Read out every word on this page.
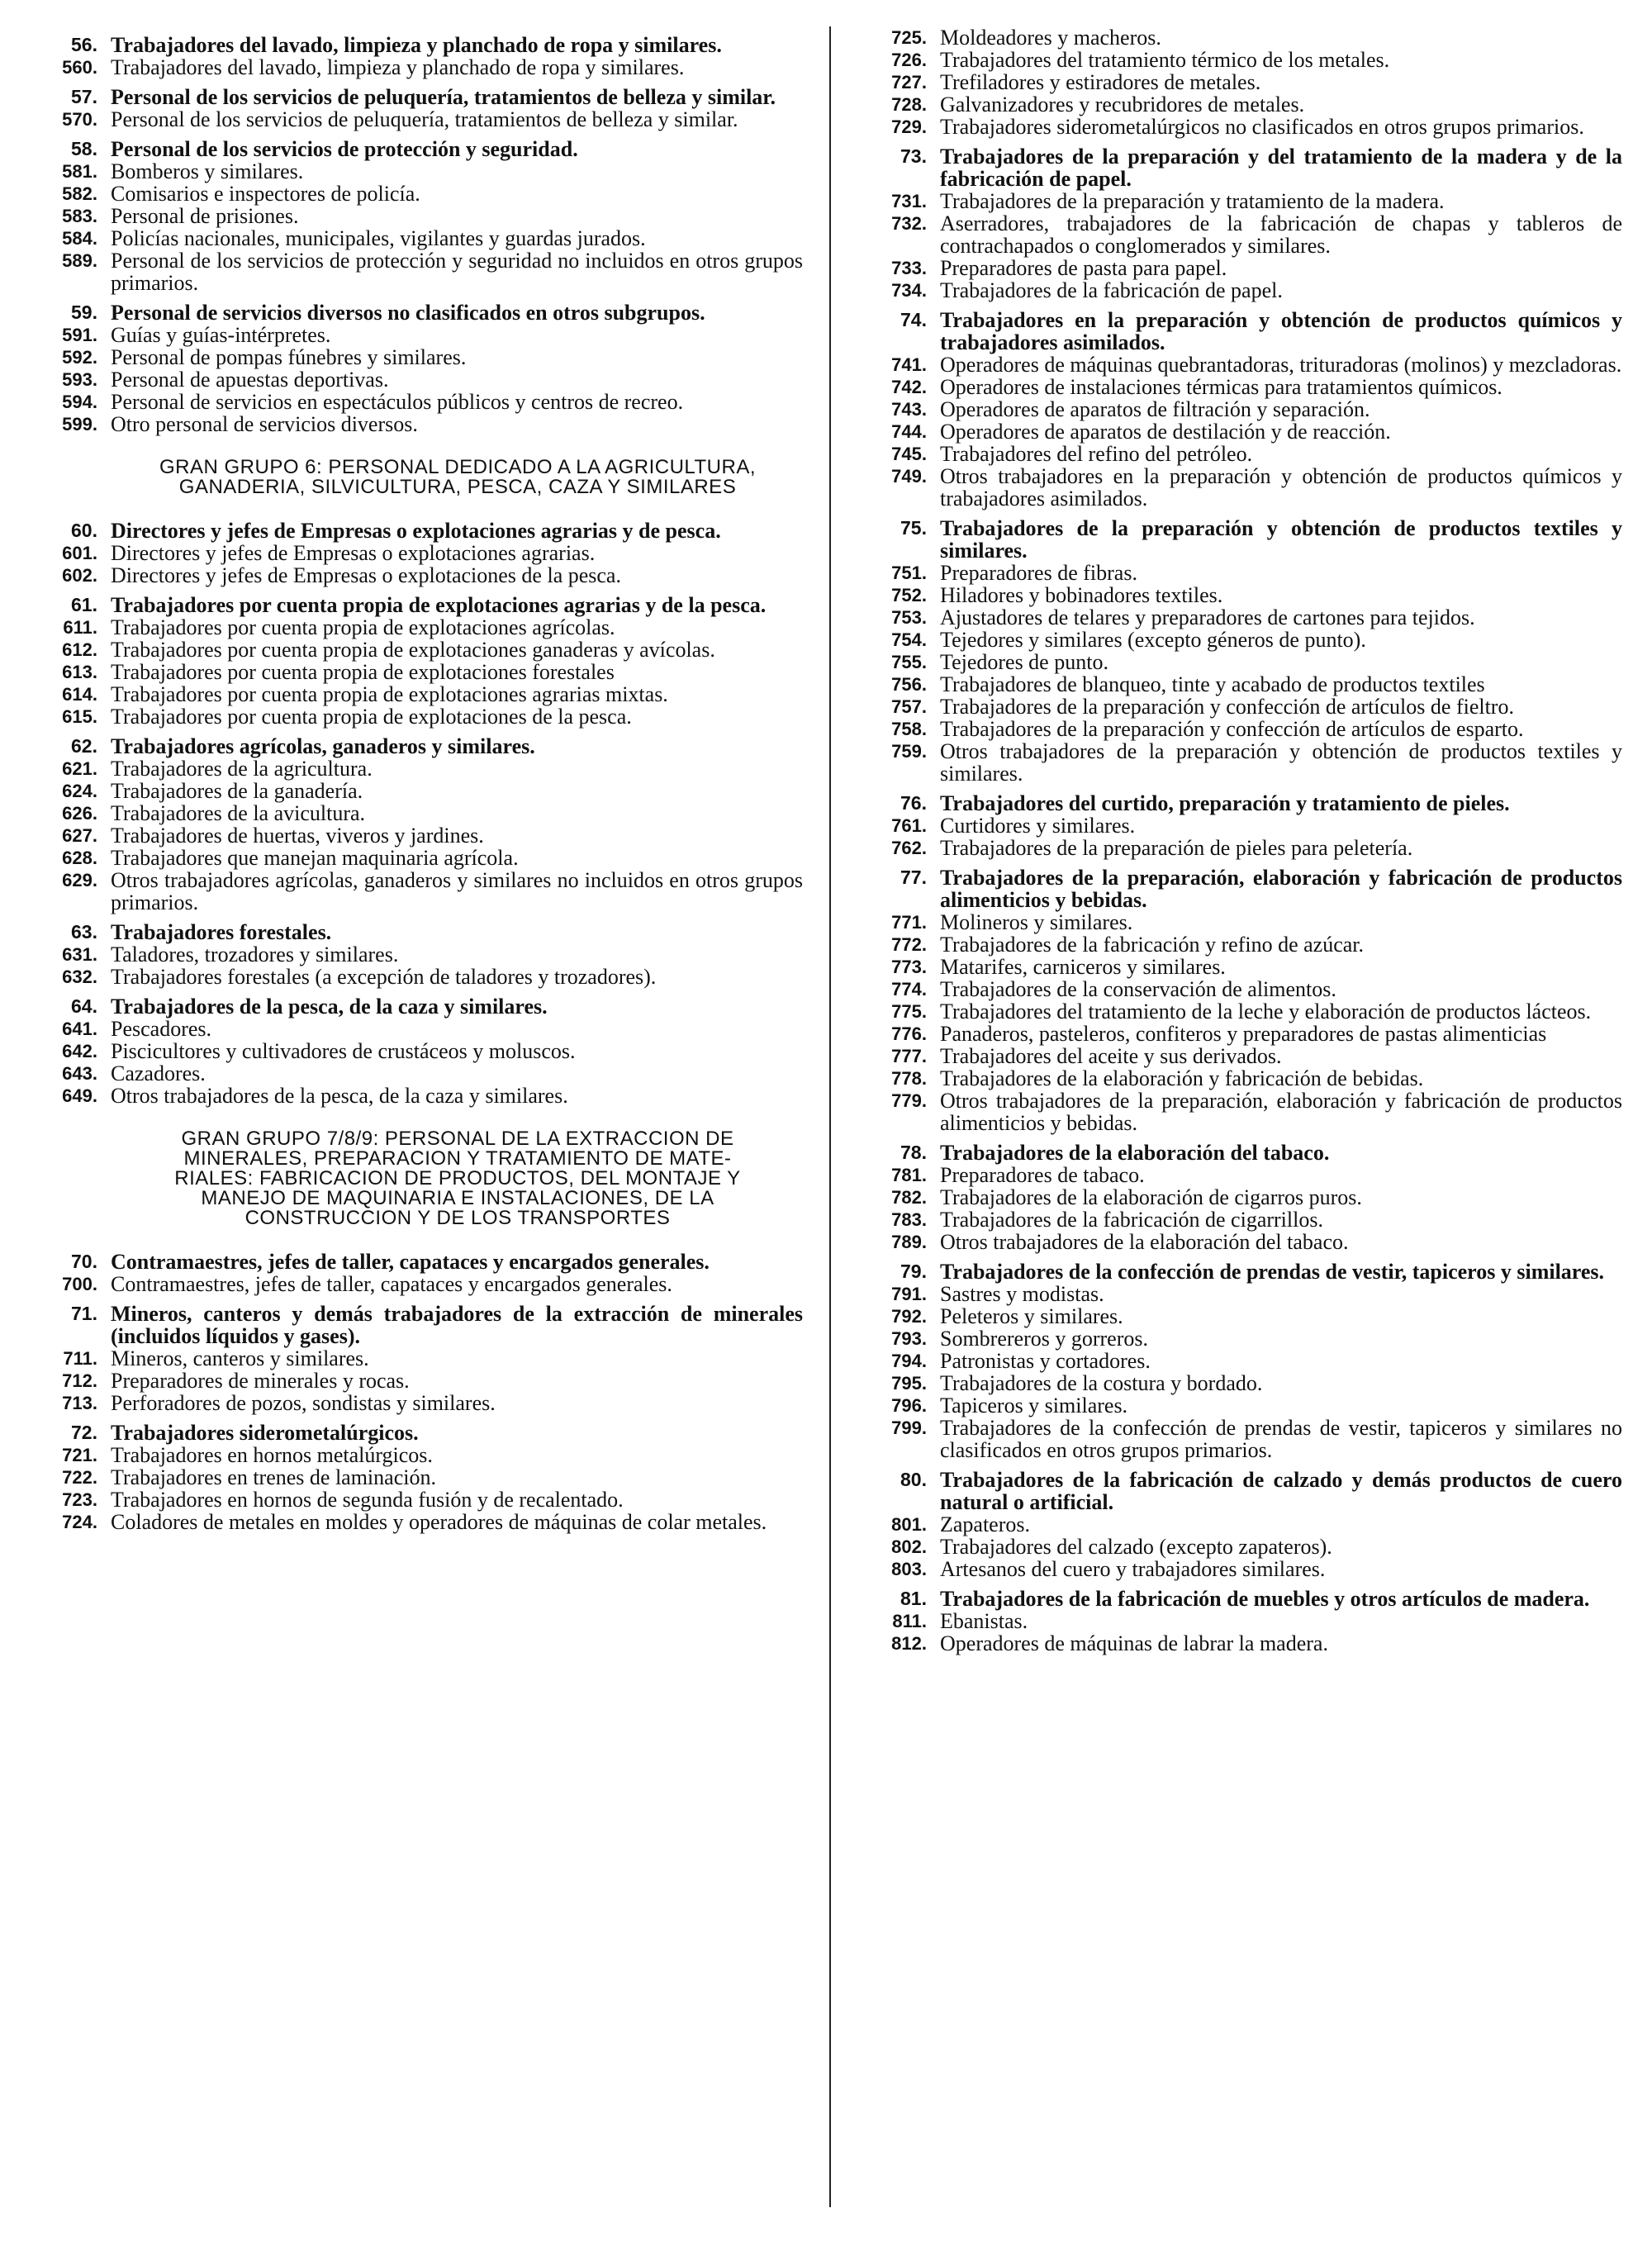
56. Trabajadores del lavado, limpieza y planchado de ropa y similares.
560. Trabajadores del lavado, limpieza y planchado de ropa y similares.
57. Personal de los servicios de peluquería, tratamientos de belleza y similar.
570. Personal de los servicios de peluquería, tratamientos de belleza y similar.
58. Personal de los servicios de protección y seguridad.
581. Bomberos y similares.
582. Comisarios e inspectores de policía.
583. Personal de prisiones.
584. Policías nacionales, municipales, vigilantes y guardas jurados.
589. Personal de los servicios de protección y seguridad no incluidos en otros grupos primarios.
59. Personal de servicios diversos no clasificados en otros subgrupos.
591. Guías y guías-intérpretes.
592. Personal de pompas fúnebres y similares.
593. Personal de apuestas deportivas.
594. Personal de servicios en espectáculos públicos y centros de recreo.
599. Otro personal de servicios diversos.
GRAN GRUPO 6: PERSONAL DEDICADO A LA AGRICULTURA,
GANADERIA, SILVICULTURA, PESCA, CAZA Y SIMILARES
60. Directores y jefes de Empresas o explotaciones agrarias y de pesca.
601. Directores y jefes de Empresas o explotaciones agrarias.
602. Directores y jefes de Empresas o explotaciones de la pesca.
61. Trabajadores por cuenta propia de explotaciones agrarias y de la pesca.
611. Trabajadores por cuenta propia de explotaciones agrícolas.
612. Trabajadores por cuenta propia de explotaciones ganaderas y avícolas.
613. Trabajadores por cuenta propia de explotaciones forestales
614. Trabajadores por cuenta propia de explotaciones agrarias mixtas.
615. Trabajadores por cuenta propia de explotaciones de la pesca.
62. Trabajadores agrícolas, ganaderos y similares.
621. Trabajadores de la agricultura.
624. Trabajadores de la ganadería.
626. Trabajadores de la avicultura.
627. Trabajadores de huertas, viveros y jardines.
628. Trabajadores que manejan maquinaria agrícola.
629. Otros trabajadores agrícolas, ganaderos y similares no incluidos en otros grupos primarios.
63. Trabajadores forestales.
631. Taladores, trozadores y similares.
632. Trabajadores forestales (a excepción de taladores y trozadores).
64. Trabajadores de la pesca, de la caza y similares.
641. Pescadores.
642. Piscicultores y cultivadores de crustáceos y moluscos.
643. Cazadores.
649. Otros trabajadores de la pesca, de la caza y similares.
GRAN GRUPO 7/8/9: PERSONAL DE LA EXTRACCION DE
MINERALES, PREPARACION Y TRATAMIENTO DE MATE-
RIALES: FABRICACION DE PRODUCTOS, DEL MONTAJE Y
MANEJO DE MAQUINARIA E INSTALACIONES, DE LA
CONSTRUCCION Y DE LOS TRANSPORTES
70. Contramaestres, jefes de taller, capataces y encargados generales.
700. Contramaestres, jefes de taller, capataces y encargados generales.
71. Mineros, canteros y demás trabajadores de la extracción de minerales (incluidos líquidos y gases).
711. Mineros, canteros y similares.
712. Preparadores de minerales y rocas.
713. Perforadores de pozos, sondistas y similares.
72. Trabajadores siderometalúrgicos.
721. Trabajadores en hornos metalúrgicos.
722. Trabajadores en trenes de laminación.
723. Trabajadores en hornos de segunda fusión y de recalentado.
724. Coladores de metales en moldes y operadores de máquinas de colar metales.
725. Moldeadores y macheros.
726. Trabajadores del tratamiento térmico de los metales.
727. Trefiladores y estiradores de metales.
728. Galvanizadores y recubridores de metales.
729. Trabajadores siderometalúrgicos no clasificados en otros grupos primarios.
73. Trabajadores de la preparación y del tratamiento de la madera y de la fabricación de papel.
731. Trabajadores de la preparación y tratamiento de la madera.
732. Aserradores, trabajadores de la fabricación de chapas y tableros de contrachapados o conglomerados y similares.
733. Preparadores de pasta para papel.
734. Trabajadores de la fabricación de papel.
74. Trabajadores en la preparación y obtención de productos químicos y trabajadores asimilados.
741. Operadores de máquinas quebrantadoras, trituradoras (molinos) y mezcladoras.
742. Operadores de instalaciones térmicas para tratamientos químicos.
743. Operadores de aparatos de filtración y separación.
744. Operadores de aparatos de destilación y de reacción.
745. Trabajadores del refino del petróleo.
749. Otros trabajadores en la preparación y obtención de productos químicos y trabajadores asimilados.
75. Trabajadores de la preparación y obtención de productos textiles y similares.
751. Preparadores de fibras.
752. Hiladores y bobinadores textiles.
753. Ajustadores de telares y preparadores de cartones para tejidos.
754. Tejedores y similares (excepto géneros de punto).
755. Tejedores de punto.
756. Trabajadores de blanqueo, tinte y acabado de productos textiles
757. Trabajadores de la preparación y confección de artículos de fieltro.
758. Trabajadores de la preparación y confección de artículos de esparto.
759. Otros trabajadores de la preparación y obtención de productos textiles y similares.
76. Trabajadores del curtido, preparación y tratamiento de pieles.
761. Curtidores y similares.
762. Trabajadores de la preparación de pieles para peletería.
77. Trabajadores de la preparación, elaboración y fabricación de productos alimenticios y bebidas.
771. Molineros y similares.
772. Trabajadores de la fabricación y refino de azúcar.
773. Matarifes, carniceros y similares.
774. Trabajadores de la conservación de alimentos.
775. Trabajadores del tratamiento de la leche y elaboración de productos lácteos.
776. Panaderos, pasteleros, confiteros y preparadores de pastas alimenticias
777. Trabajadores del aceite y sus derivados.
778. Trabajadores de la elaboración y fabricación de bebidas.
779. Otros trabajadores de la preparación, elaboración y fabricación de productos alimenticios y bebidas.
78. Trabajadores de la elaboración del tabaco.
781. Preparadores de tabaco.
782. Trabajadores de la elaboración de cigarros puros.
783. Trabajadores de la fabricación de cigarrillos.
789. Otros trabajadores de la elaboración del tabaco.
79. Trabajadores de la confección de prendas de vestir, tapiceros y similares.
791. Sastres y modistas.
792. Peleteros y similares.
793. Sombrereros y gorreros.
794. Patronistas y cortadores.
795. Trabajadores de la costura y bordado.
796. Tapiceros y similares.
799. Trabajadores de la confección de prendas de vestir, tapiceros y similares no clasificados en otros grupos primarios.
80. Trabajadores de la fabricación de calzado y demás productos de cuero natural o artificial.
801. Zapateros.
802. Trabajadores del calzado (excepto zapateros).
803. Artesanos del cuero y trabajadores similares.
81. Trabajadores de la fabricación de muebles y otros artículos de madera.
811. Ebanistas.
812. Operadores de máquinas de labrar la madera.
